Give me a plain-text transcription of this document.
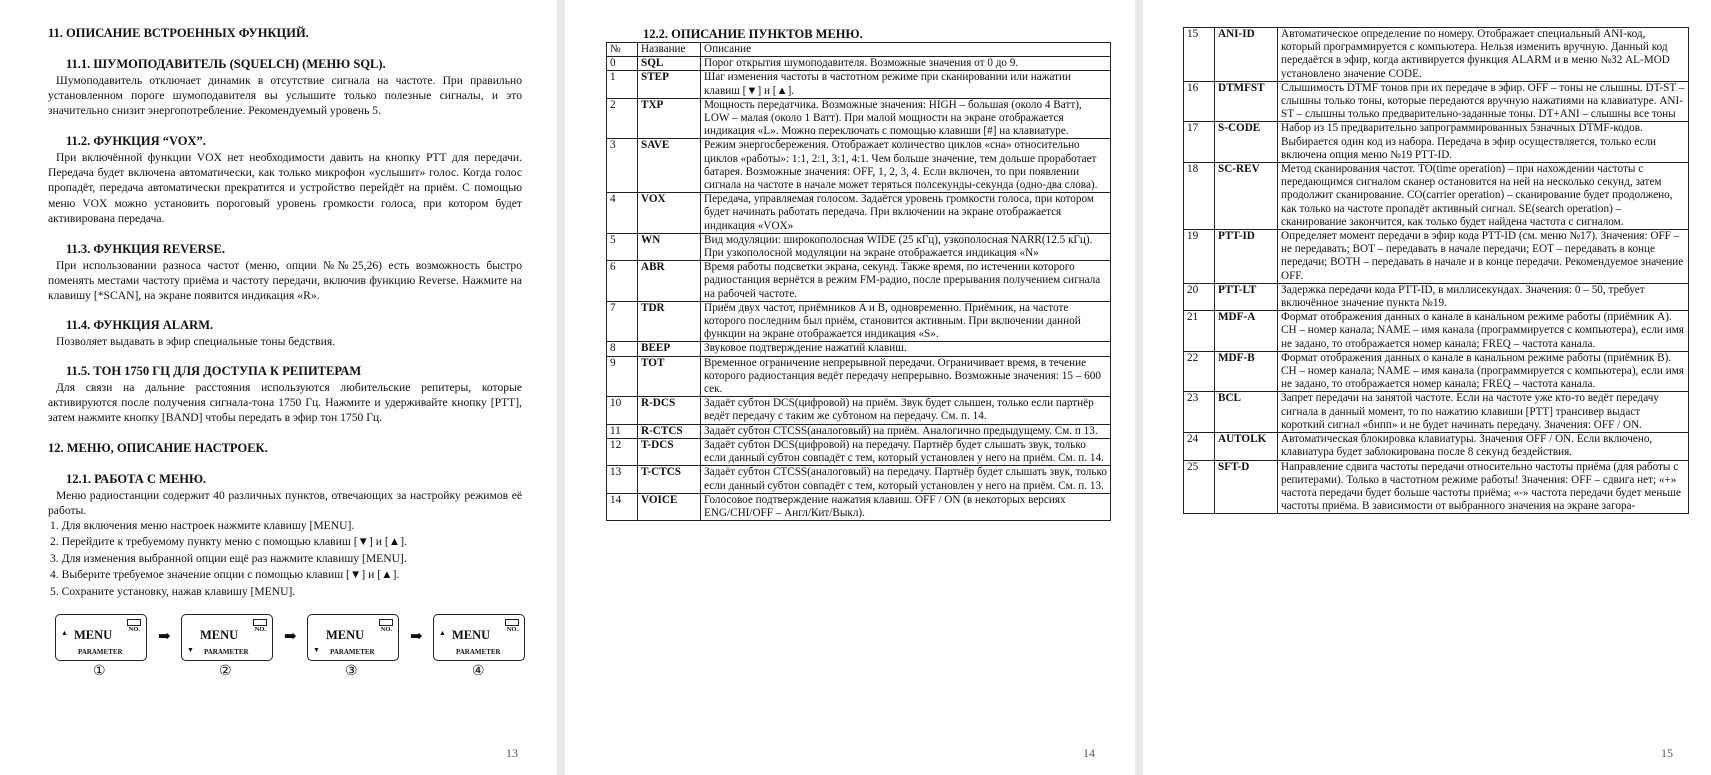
11. ОПИСАНИЕ ВСТРОЕННЫХ ФУНКЦИЙ.
11.1. ШУМОПОДАВИТЕЛЬ (SQUELCH) (МЕНЮ SQL).
Шумоподавитель отключает динамик в отсутствие сигнала на частоте. При правильно установленном пороге шумоподавителя вы услышите только полезные сигналы, и это значительно снизит энергопотребление. Рекомендуемый уровень 5.
11.2. ФУНКЦИЯ “VOX”.
При включённой функции VOX нет необходимости давить на кнопку PTT для передачи. Передача будет включена автоматически, как только микрофон «услышит» голос. Когда голос пропадёт, передача автоматически прекратится и устройство перейдёт на приём. С помощью меню VOX можно установить пороговый уровень громкости голоса, при котором будет активирована передача.
11.3. ФУНКЦИЯ REVERSE.
При использовании разноса частот (меню, опции №№25,26) есть возможность быстро поменять местами частоту приёма и частоту передачи, включив функцию Reverse. Нажмите на клавишу [*SCAN], на экране появится индикация «R».
11.4. ФУНКЦИЯ ALARM.
Позволяет выдавать в эфир специальные тоны бедствия.
11.5. ТОН 1750 ГЦ ДЛЯ ДОСТУПА К РЕПИТЕРАМ
Для связи на дальние расстояния используются любительские репитеры, которые активируются после получения сигнала-тона 1750 Гц. Нажмите и удерживайте кнопку [PTT], затем нажмите кнопку [BAND] чтобы передать в эфир тон 1750 Гц.
12. МЕНЮ, ОПИСАНИЕ НАСТРОЕК.
12.1. РАБОТА С МЕНЮ.
Меню радиостанции содержит 40 различных пунктов, отвечающих за настройку режимов её работы.
1. Для включения меню настроек нажмите клавишу [MENU].
2. Перейдите к требуемому пункту меню с помощью клавиш [▼] и [▲].
3. Для изменения выбранной опции ещё раз нажмите клавишу [MENU].
4. Выберите требуемое значение опции с помощью клавиш [▼] и [▲].
5. Сохраните установку, нажав клавишу [MENU].
▲ MENU	NO.
PARAMETER
①
➡ MENU	NO.
▼ PARAMETER
②
➡ MENU	NO.
▼ PARAMETER
③
➡ ▲ MENU	NO.
PARAMETER
④
13
12.2. ОПИСАНИЕ ПУНКТОВ МЕНЮ.
№	Название	Описание
0	SQL	Порог открытия шумоподавителя. Возможные значения от 0 до 9.
1	STEP	Шаг изменения частоты в частотном режиме при сканировании или нажатии клавиш [▼] и [▲].
2	TXP	Мощность передатчика. Возможные значения: HIGH – большая (около 4 Ватт), LOW – малая (около 1 Ватт). При малой мощности на экране отображается индикация «L». Можно переключать с помощью клавиши [#] на клавиатуре.
3	SAVE	Режим энергосбережения. Отображает количество циклов «сна» относительно циклов «работы»: 1:1, 2:1, 3:1, 4:1. Чем больше значение, тем дольше проработает батарея. Возможные значения: OFF, 1, 2, 3, 4. Если включен, то при появлении сигнала на частоте в начале может теряться полсекунды-секунда (одно-два слова).
4	VOX	Передача, управляемая голосом. Задаётся уровень громкости голоса, при котором будет начинать работать передача. При включении на экране отображается индикация «VOX»
5	WN	Вид модуляции: широкополосная WIDE (25 кГц), узкополосная NARR(12.5 кГц). При узкополосной модуляции на экране отображается индикация «N»
6	ABR	Время работы подсветки экрана, секунд. Также время, по истечении которого радиостанция вернётся в режим FM-радио, после прерывания получением сигнала на рабочей частоте.
7	TDR	Приём двух частот, приёмников A и B, одновременно. Приёмник, на частоте которого последним был приём, становится активным. При включении данной функции на экране отображается индикация «S».
8	BEEP	Звуковое подтверждение нажатий клавиш.
9	TOT	Временное ограничение непрерывной передачи. Ограничивает время, в течение которого радиостанция ведёт передачу непрерывно. Возможные значения: 15 – 600 сек.
10	R-DCS	Задаёт субтон DCS(цифровой) на приём. Звук будет слышен, только если партнёр ведёт передачу с таким же субтоном на передачу. См. п. 14.
11	R-CTCS	Задаёт субтон CTCSS(аналоговый) на приём. Аналогично предыдущему. См. п 13.
12	T-DCS	Задаёт субтон DCS(цифровой) на передачу. Партнёр будет слышать звук, только если данный субтон совпадёт с тем, который установлен у него на приём. См. п. 14.
13	T-CTCS	Задаёт субтон CTCSS(аналоговый) на передачу. Партнёр будет слышать звук, только если данный субтон совпадёт с тем, который установлен у него на приём. См. п. 13.
14	VOICE	Голосовое подтверждение нажатия клавиш. OFF / ON (в некоторых версиях ENG/CHI/OFF – Англ/Кит/Выкл).
14
15	ANI-ID	Автоматическое определение по номеру. Отображает специальный ANI-код, который программируется с компьютера. Нельзя изменить вручную. Данный код передаётся в эфир, когда активируется функция ALARM и в меню №32 AL-MOD установлено значение CODE.
16	DTMFST	Слышимость DTMF тонов при их передаче в эфир. OFF – тоны не слышны. DT-ST – слышны только тоны, которые передаются вручную нажатиями на клавиатуре. ANI-ST – слышны только предварительно-заданные тоны. DT+ANI – слышны все тоны
17	S-CODE	Набор из 15 предварительно запрограммированных 5значных DTMF-кодов. Выбирается один код из набора. Передача в эфир осуществляется, только если включена опция меню №19 PTT-ID.
18	SC-REV	Метод сканирования частот. TO(time operation) – при нахождении частоты с передающимся сигналом сканер остановится на ней на несколько секунд, затем продолжит сканирование. CO(carrier operation) – сканирование будет продолжено, как только на частоте пропадёт активный сигнал. SE(search operation) – сканирование закончится, как только будет найдена частота с сигналом.
19	PTT-ID	Определяет момент передачи в эфир кода PTT-ID (см. меню №17). Значения: OFF – не передавать; BOT – передавать в начале передачи; EOT – передавать в конце передачи; BOTH – передавать в начале и в конце передачи. Рекомендуемое значение OFF.
20	PTT-LT	Задержка передачи кода PTT-ID, в миллисекундах. Значения: 0 – 50, требует включённое значение пункта №19.
21	MDF-A	Формат отображения данных о канале в канальном режиме работы (приёмник A). CH – номер канала; NAME – имя канала (программируется с компьютера), если имя не задано, то отображается номер канала; FREQ – частота канала.
22	MDF-B	Формат отображения данных о канале в канальном режиме работы (приёмник B). CH – номер канала; NAME – имя канала (программируется с компьютера), если имя не задано, то отображается номер канала; FREQ – частота канала.
23	BCL	Запрет передачи на занятой частоте. Если на частоте уже кто-то ведёт передачу сигнала в данный момент, то по нажатию клавиши [PTT] трансивер выдаст короткий сигнал «бипп» и не будет начинать передачу. Значения: OFF / ON.
24	AUTOLK	Автоматическая блокировка клавиатуры. Значения OFF / ON. Если включено, клавиатура будет заблокирована после 8 секунд бездействия.
25	SFT-D	Направление сдвига частоты передачи относительно частоты приёма (для работы с репитерами). Только в частотном режиме работы! Значения: OFF – сдвига нет; «+» частота передачи будет больше частоты приёма; «-» частота передачи будет меньше частоты приёма. В зависимости от выбранного значения на экране загора-
15
